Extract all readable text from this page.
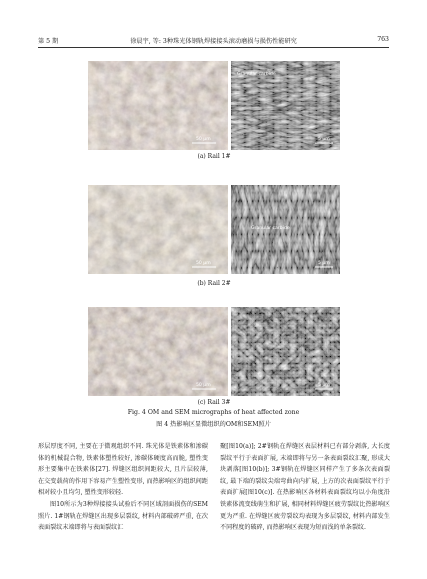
第 5 期	徐晨宇, 等: 3种珠光体钢轨焊接接头滚动磨损与损伤性能研究	763
50 μm
Granular carbide
5 μm
(a) Rail 1#
50 μm
Granular carbide
5 μm
(b) Rail 2#
50 μm	5 μm
(c) Rail 3#
Fig. 4 OM and SEM micrographs of heat affected zone
图 4 热影响区显微组织的OM和SEM照片

形层厚度不同, 主要在于微观组织不同. 珠光体是铁素体和渗碳体的机械混合物, 铁素体塑性较好, 渗碳体硬度高而脆, 塑性变形主要集中在铁素体[27]. 焊缝区组织间距较大, 且片层较薄, 在交变载荷的作用下容易产生塑性变形, 而热影响区的组织间距相对较小且均匀, 塑性变形较轻.

图10所示为3种焊接接头试验后不同区域剖面损伤的SEM照片. 1#钢轨在焊缝区出现多层裂纹, 材料内部破碎严重, 在次表面裂纹末端即将与表面裂纹汇

聚[图10(a)]; 2#钢轨在焊缝区表层材料已有部分剥落, 大长度裂纹平行于表面扩展, 末端即将与另一条表面裂纹汇聚, 形成大块剥落[图10(b)]; 3#钢轨在焊缝区同样产生了多条次表面裂纹, 最下端的裂纹尖端弯曲向内扩展, 上方的次表面裂纹平行于表面扩展[图10(c)]. 在热影响区各材料表面裂纹均以小角度沿铁素体流变线萌生和扩展, 相同材料焊缝区疲劳裂纹比热影响区更为严重. 在焊缝区疲劳裂纹均表现为多层裂纹, 材料内部发生不同程度的破碎, 而热影响区表现为短而浅的单条裂纹.
